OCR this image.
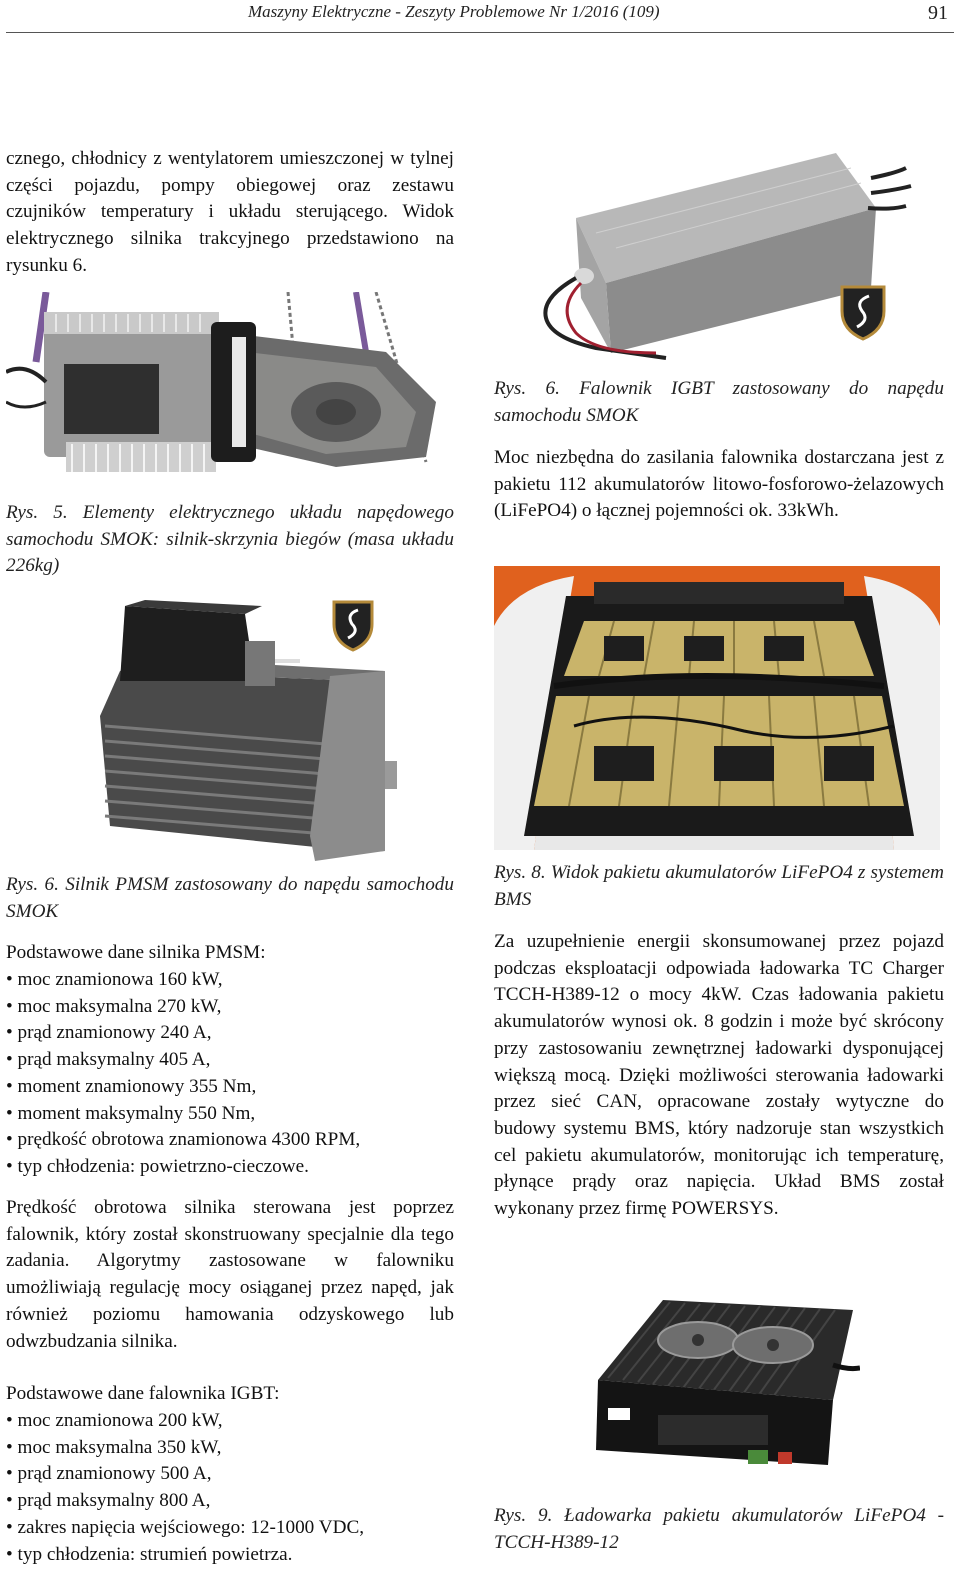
Maszyny Elektryczne - Zeszyty Problemowe Nr 1/2016 (109)	91

cznego, chłodnicy z wentylatorem umieszczonej w tylnej części pojazdu, pompy obiegowej oraz zestawu czujników temperatury i układu sterującego. Widok elektrycznego silnika trakcyjnego przedstawiono na rysunku 6.

Rys. 5. Elementy elektrycznego układu napędowego samochodu SMOK: silnik-skrzynia biegów (masa układu 226kg)

Rys. 6. Silnik PMSM zastosowany do napędu samochodu SMOK

Podstawowe dane silnika PMSM:

• moc znamionowa 160 kW,
• moc maksymalna 270 kW,
• prąd znamionowy 240 A,
• prąd maksymalny 405 A,
• moment znamionowy 355 Nm,
• moment maksymalny 550 Nm,
• prędkość obrotowa znamionowa 4300 RPM,
• typ chłodzenia: powietrzno-cieczowe.

Prędkość obrotowa silnika sterowana jest poprzez falownik, który został skonstruowany specjalnie dla tego zadania. Algorytmy zastosowane w falowniku umożliwiają regulację mocy osiąganej przez napęd, jak również poziomu hamowania odzyskowego lub odwzbudzania silnika.

Podstawowe dane falownika IGBT:

• moc znamionowa 200 kW,
• moc maksymalna 350 kW,
• prąd znamionowy 500 A,
• prąd maksymalny 800 A,
• zakres napięcia wejściowego: 12-1000 VDC,
• typ chłodzenia: strumień powietrza.

Rys. 6. Falownik IGBT zastosowany do napędu samochodu SMOK

Moc niezbędna do zasilania falownika dostarczana jest z pakietu 112 akumulatorów litowo-fosforowo-żelazowych (LiFePO4) o łącznej pojemności ok. 33kWh.

Rys. 8. Widok pakietu akumulatorów LiFePO4 z systemem BMS

Za uzupełnienie energii skonsumowanej przez pojazd podczas eksploatacji odpowiada ładowarka TC Charger TCCH-H389-12 o mocy 4kW. Czas ładowania pakietu akumulatorów wynosi ok. 8 godzin i może być skrócony przy zastosowaniu zewnętrznej ładowarki dysponującej większą mocą. Dzięki możliwości sterowania ładowarki przez sieć CAN, opracowane zostały wytyczne do budowy systemu BMS, który nadzoruje stan wszystkich cel pakietu akumulatorów, monitorując ich temperaturę, płynące prądy oraz napięcia. Układ BMS został wykonany przez firmę POWERSYS.

Rys. 9. Ładowarka pakietu akumulatorów LiFePO4 - TCCH-H389-12
